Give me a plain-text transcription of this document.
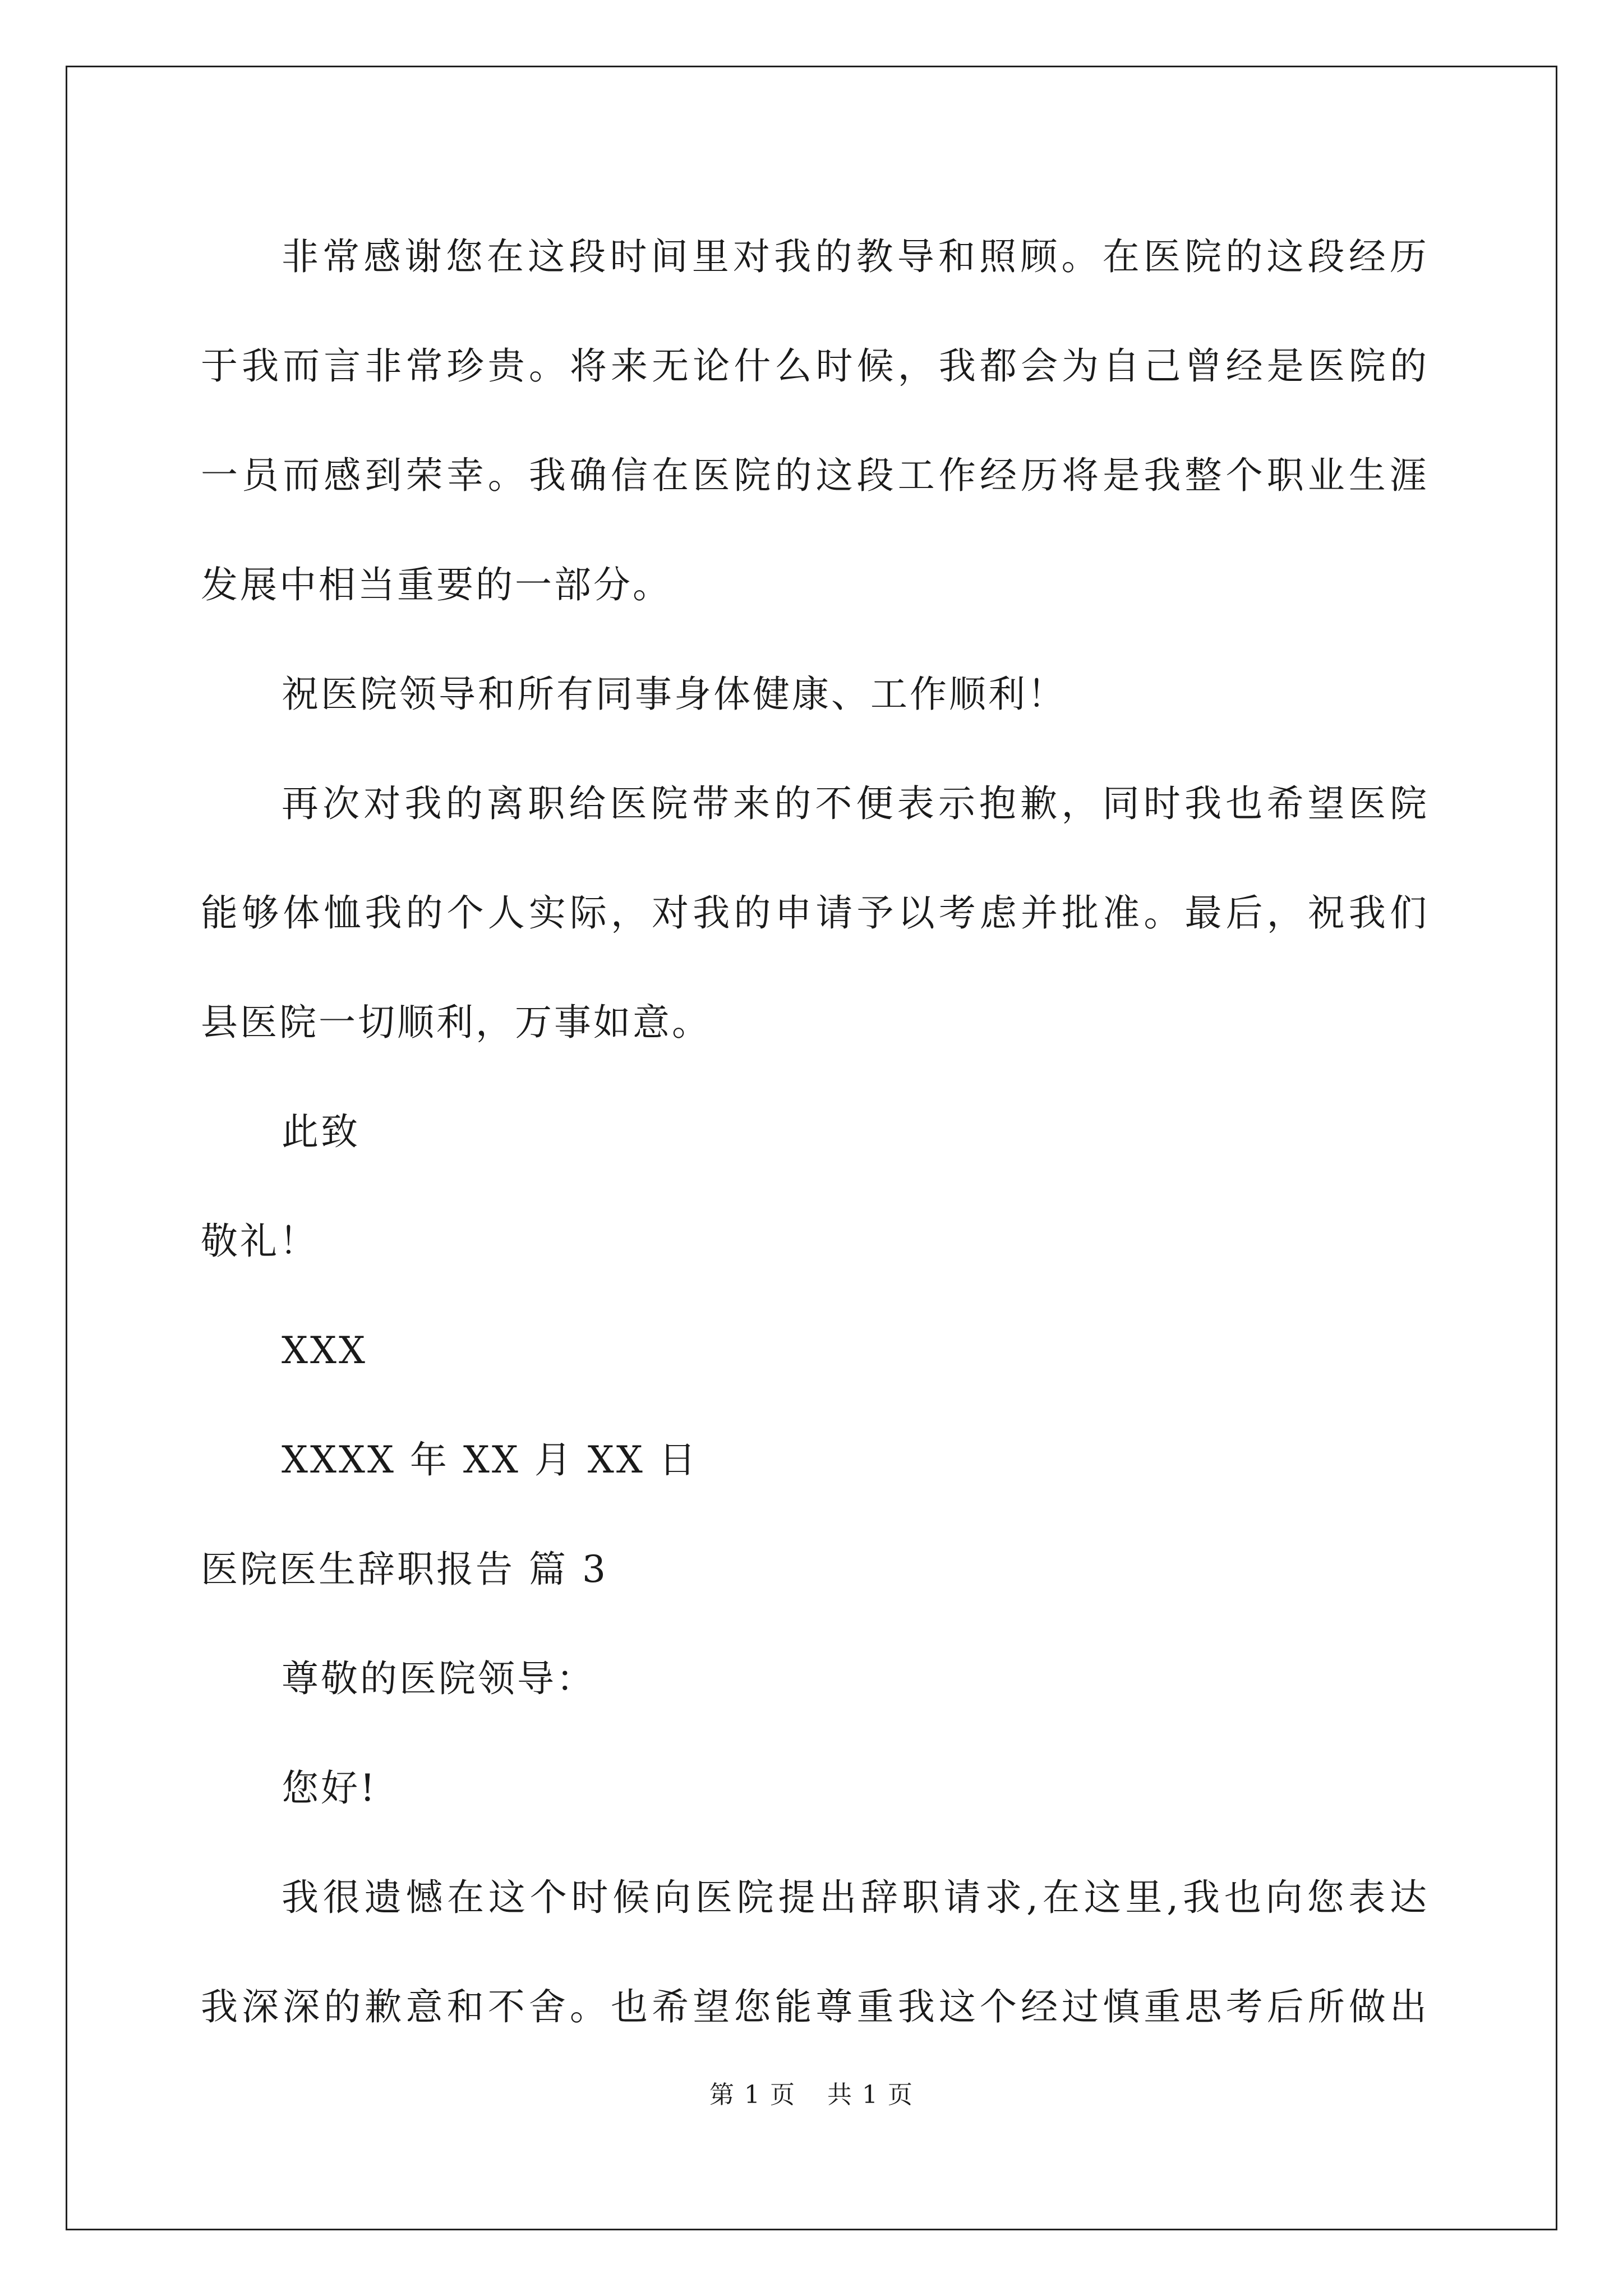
非常感谢您在这段时间里对我的教导和照顾。在医院的这段经历
于我而言非常珍贵。将来无论什么时候，我都会为自己曾经是医院的
一员而感到荣幸。我确信在医院的这段工作经历将是我整个职业生涯
发展中相当重要的一部分。
祝医院领导和所有同事身体健康、工作顺利！
再次对我的离职给医院带来的不便表示抱歉，同时我也希望医院
能够体恤我的个人实际，对我的申请予以考虑并批准。最后，祝我们
县医院一切顺利，万事如意。
此致
敬礼！
XXX
XXXX 年 XX 月 XX 日
医院医生辞职报告 篇 3
尊敬的医院领导：
您好!
我很遗憾在这个时候向医院提出辞职请求,在这里,我也向您表达
我深深的歉意和不舍。也希望您能尊重我这个经过慎重思考后所做出
第 1 页 共 1 页
